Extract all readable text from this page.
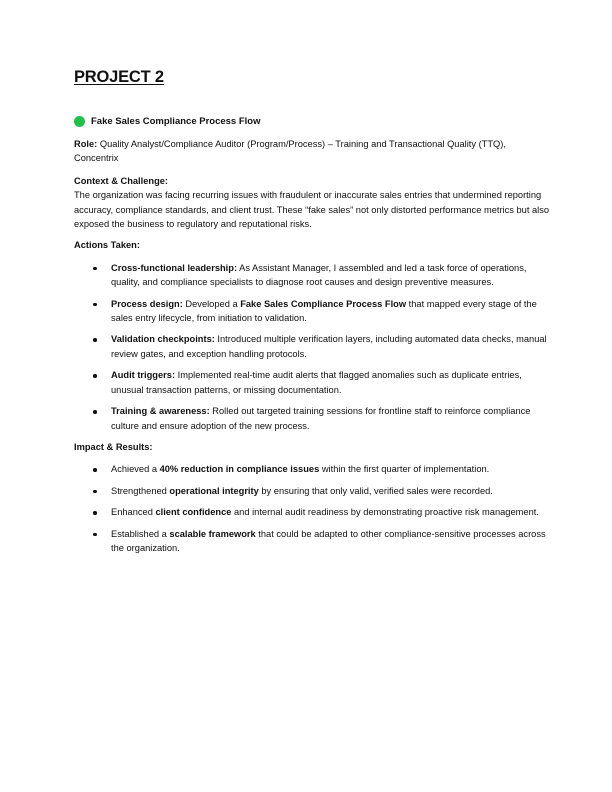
PROJECT 2
Fake Sales Compliance Process Flow

Role: Quality Analyst/Compliance Auditor (Program/Process) – Training and Transactional Quality (TTQ), Concentrix

Context & Challenge:

The organization was facing recurring issues with fraudulent or inaccurate sales entries that undermined reporting accuracy, compliance standards, and client trust. These “fake sales” not only distorted performance metrics but also exposed the business to regulatory and reputational risks.

Actions Taken:

Cross-functional leadership: As Assistant Manager, I assembled and led a task force of operations, quality, and compliance specialists to diagnose root causes and design preventive measures.
Process design: Developed a Fake Sales Compliance Process Flow that mapped every stage of the sales entry lifecycle, from initiation to validation.
Validation checkpoints: Introduced multiple verification layers, including automated data checks, manual review gates, and exception handling protocols.
Audit triggers: Implemented real-time audit alerts that flagged anomalies such as duplicate entries, unusual transaction patterns, or missing documentation.
Training & awareness: Rolled out targeted training sessions for frontline staff to reinforce compliance culture and ensure adoption of the new process.

Impact & Results:

Achieved a 40% reduction in compliance issues within the first quarter of implementation.
Strengthened operational integrity by ensuring that only valid, verified sales were recorded.
Enhanced client confidence and internal audit readiness by demonstrating proactive risk management.
Established a scalable framework that could be adapted to other compliance-sensitive processes across the organization.
